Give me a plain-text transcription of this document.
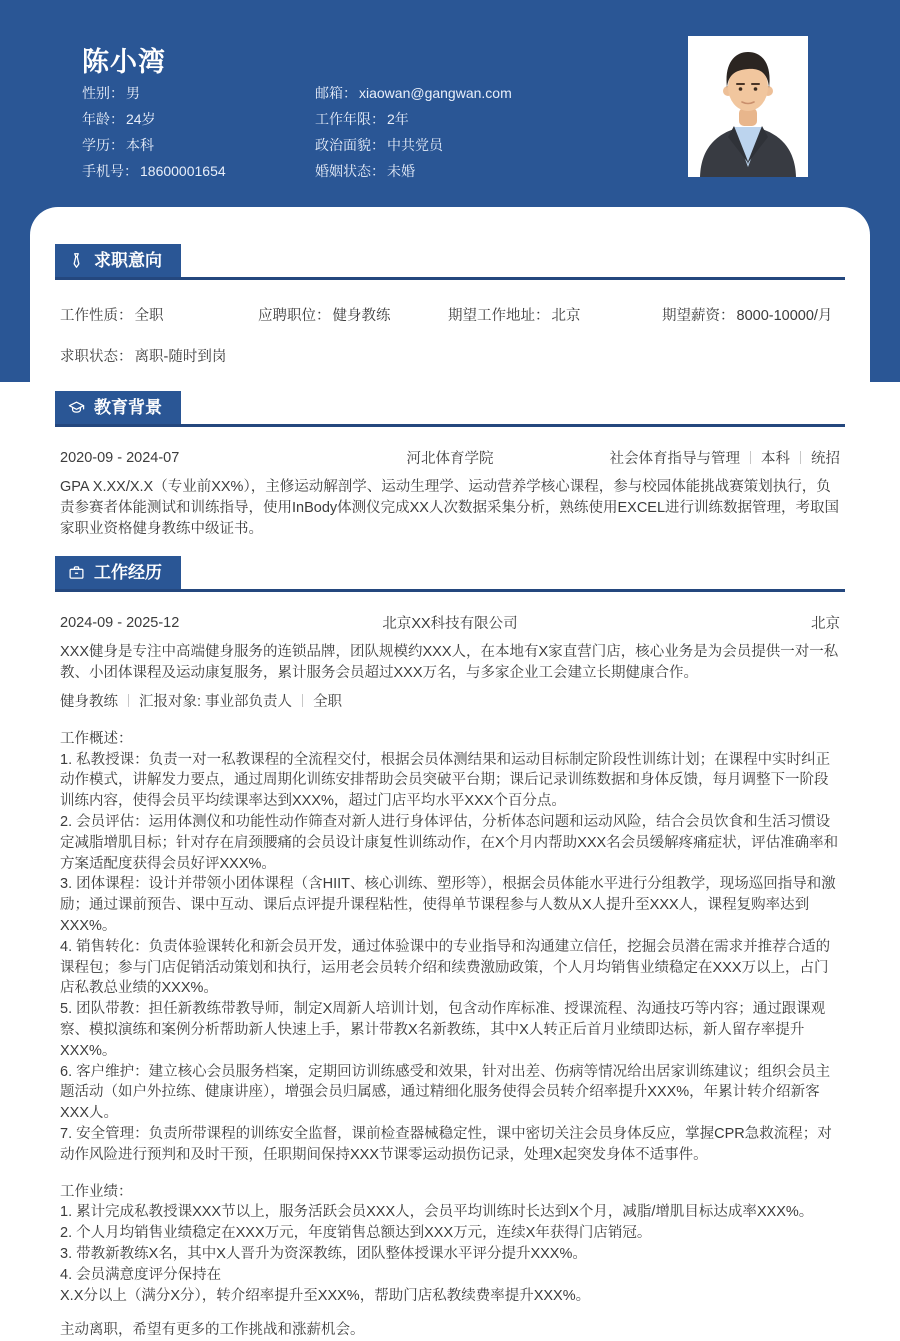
陈小湾
性别： 男	邮箱： xiaowan@gangwan.com
年龄： 24岁	工作年限： 2年
学历： 本科	政治面貌： 中共党员
手机号： 18600001654	婚姻状态： 未婚
求职意向
工作性质： 全职	应聘职位： 健身教练	期望工作地址： 北京	期望薪资： 8000-10000/月
求职状态： 离职-随时到岗
教育背景
2020-09 - 2024-07	河北体育学院	社会体育指导与管理 本科 统招
GPA X.XX/X.X（专业前XX%），主修运动解剖学、运动生理学、运动营养学核心课程，参与校园体能挑战赛策划执行，负责参赛者体能测试和训练指导，使用InBody体测仪完成XX人次数据采集分析，熟练使用EXCEL进行训练数据管理，考取国家职业资格健身教练中级证书。
工作经历
2024-09 - 2025-12	北京XX科技有限公司	北京
XXX健身是专注中高端健身服务的连锁品牌，团队规模约XXX人，在本地有X家直营门店，核心业务是为会员提供一对一私教、小团体课程及运动康复服务，累计服务会员超过XXX万名，与多家企业工会建立长期健康合作。
健身教练 汇报对象: 事业部负责人 全职
工作概述：
1. 私教授课：负责一对一私教课程的全流程交付，根据会员体测结果和运动目标制定阶段性训练计划；在课程中实时纠正动作模式，讲解发力要点，通过周期化训练安排帮助会员突破平台期；课后记录训练数据和身体反馈，每月调整下一阶段训练内容，使得会员平均续课率达到XXX%，超过门店平均水平XXX个百分点。
2. 会员评估：运用体测仪和功能性动作筛查对新人进行身体评估，分析体态问题和运动风险，结合会员饮食和生活习惯设定减脂增肌目标；针对存在肩颈腰痛的会员设计康复性训练动作，在X个月内帮助XXX名会员缓解疼痛症状，评估准确率和方案适配度获得会员好评XXX%。
3. 团体课程：设计并带领小团体课程（含HIIT、核心训练、塑形等），根据会员体能水平进行分组教学，现场巡回指导和激励；通过课前预告、课中互动、课后点评提升课程粘性，使得单节课程参与人数从X人提升至XXX人，课程复购率达到XXX%。
4. 销售转化：负责体验课转化和新会员开发，通过体验课中的专业指导和沟通建立信任，挖掘会员潜在需求并推荐合适的课程包；参与门店促销活动策划和执行，运用老会员转介绍和续费激励政策，个人月均销售业绩稳定在XXX万以上，占门店私教总业绩的XXX%。
5. 团队带教：担任新教练带教导师，制定X周新人培训计划，包含动作库标准、授课流程、沟通技巧等内容；通过跟课观察、模拟演练和案例分析帮助新人快速上手，累计带教X名新教练，其中X人转正后首月业绩即达标，新人留存率提升XXX%。
6. 客户维护：建立核心会员服务档案，定期回访训练感受和效果，针对出差、伤病等情况给出居家训练建议；组织会员主题活动（如户外拉练、健康讲座），增强会员归属感，通过精细化服务使得会员转介绍率提升XXX%，年累计转介绍新客XXX人。
7. 安全管理：负责所带课程的训练安全监督，课前检查器械稳定性，课中密切关注会员身体反应，掌握CPR急救流程；对动作风险进行预判和及时干预，任职期间保持XXX节课零运动损伤记录，处理X起突发身体不适事件。
工作业绩：
1. 累计完成私教授课XXX节以上，服务活跃会员XXX人，会员平均训练时长达到X个月，减脂/增肌目标达成率XXX%。
2. 个人月均销售业绩稳定在XXX万元，年度销售总额达到XXX万元，连续X年获得门店销冠。
3. 带教新教练X名，其中X人晋升为资深教练，团队整体授课水平评分提升XXX%。
4. 会员满意度评分保持在
X.X分以上（满分X分），转介绍率提升至XXX%，帮助门店私教续费率提升XXX%。
主动离职，希望有更多的工作挑战和涨薪机会。
